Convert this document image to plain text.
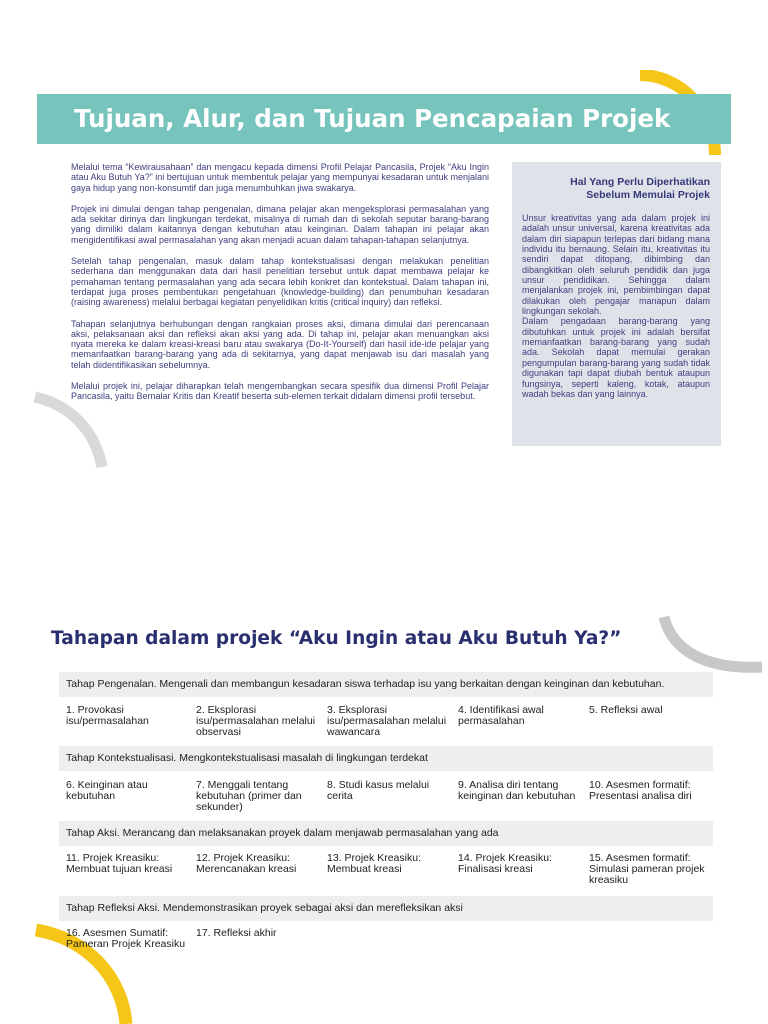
Tujuan, Alur, dan Tujuan Pencapaian Projek

Melalui tema “Kewirausahaan” dan mengacu kepada dimensi Profil Pelajar Pancasila, Projek “Aku Ingin atau Aku Butuh Ya?” ini bertujuan untuk membentuk pelajar yang mempunyai kesadaran untuk menjalani gaya hidup yang non-konsumtif dan juga menumbuhkan jiwa swakarya.

Projek ini dimulai dengan tahap pengenalan, dimana pelajar akan mengeksplorasi permasalahan yang ada sekitar dirinya dan lingkungan terdekat, misalnya di rumah dan di sekolah seputar barang-barang yang dimiliki dalam kaitannya dengan kebutuhan atau keinginan. Dalam tahapan ini pelajar akan mengidentifikasi awal permasalahan yang akan menjadi acuan dalam tahapan-tahapan selanjutnya.

Setelah tahap pengenalan, masuk dalam tahap kontekstualisasi dengan melakukan penelitian sederhana dan menggunakan data dari hasil penelitian tersebut untuk dapat membawa pelajar ke pemahaman tentang permasalahan yang ada secara lebih konkret dan kontekstual. Dalam tahapan ini, terdapat juga proses pembentukan pengetahuan (knowledge-building) dan penumbuhan kesadaran (raising awareness) melalui berbagai kegiatan penyelidikan kritis (critical inquiry) dan refleksi.

Tahapan selanjutnya berhubungan dengan rangkaian proses aksi, dimana dimulai dari perencanaan aksi, pelaksanaan aksi dan refleksi akan aksi yang ada. Di tahap ini, pelajar akan menuangkan aksi nyata mereka ke dalam kreasi-kreasi baru atau swakarya (Do-It-Yourself) dari hasil ide-ide pelajar yang memanfaatkan barang-barang yang ada di sekitarnya, yang dapat menjawab isu dari masalah yang telah diidentifikasikan sebelumnya.

Melalui projek ini, pelajar diharapkan telah mengembangkan secara spesifik dua dimensi Profil Pelajar Pancasila, yaitu Bernalar Kritis dan Kreatif beserta sub-elemen terkait didalam dimensi profil tersebut.

Hal Yang Perlu Diperhatikan Sebelum Memulai Projek

Unsur kreativitas yang ada dalam projek ini adalah unsur universal, karena kreativitas ada dalam diri siapapun terlepas dari bidang mana individu itu bernaung. Selain itu, kreativitas itu sendiri dapat ditopang, dibimbing dan dibangkitkan oleh seluruh pendidik dan juga unsur pendidikan. Sehingga dalam menjalankan projek ini, pembimbingan dapat dilakukan oleh pengajar manapun dalam lingkungan sekolah.

Dalam pengadaan barang-barang yang dibutuhkan untuk projek ini adalah bersifat memanfaatkan barang-barang yang sudah ada. Sekolah dapat memulai gerakan pengumpulan barang-barang yang sudah tidak digunakan tapi dapat diubah bentuk ataupun fungsinya, seperti kaleng, kotak, ataupun wadah bekas dan yang lainnya.

Tahapan dalam projek “Aku Ingin atau Aku Butuh Ya?”
Tahap Pengenalan. Mengenali dan membangun kesadaran siswa terhadap isu yang berkaitan dengan keinginan dan kebutuhan.
1. Provokasi isu/permasalahan
2. Eksplorasi isu/permasalahan melalui observasi
3. Eksplorasi isu/permasalahan melalui wawancara
4. Identifikasi awal permasalahan
5. Refleksi awal
Tahap Kontekstualisasi. Mengkontekstualisasi masalah di lingkungan terdekat
6. Keinginan atau kebutuhan
7. Menggali tentang kebutuhan (primer dan sekunder)
8. Studi kasus melalui cerita
9. Analisa diri tentang keinginan dan kebutuhan
10. Asesmen formatif: Presentasi analisa diri
Tahap Aksi. Merancang dan melaksanakan proyek dalam menjawab permasalahan yang ada
11. Projek Kreasiku: Membuat tujuan kreasi
12. Projek Kreasiku: Merencanakan kreasi
13. Projek Kreasiku: Membuat kreasi
14. Projek Kreasiku: Finalisasi kreasi
15. Asesmen formatif: Simulasi pameran projek kreasiku
Tahap Refleksi Aksi. Mendemonstrasikan proyek sebagai aksi dan merefleksikan aksi
16. Asesmen Sumatif: Pameran Projek Kreasiku
17. Refleksi akhir
